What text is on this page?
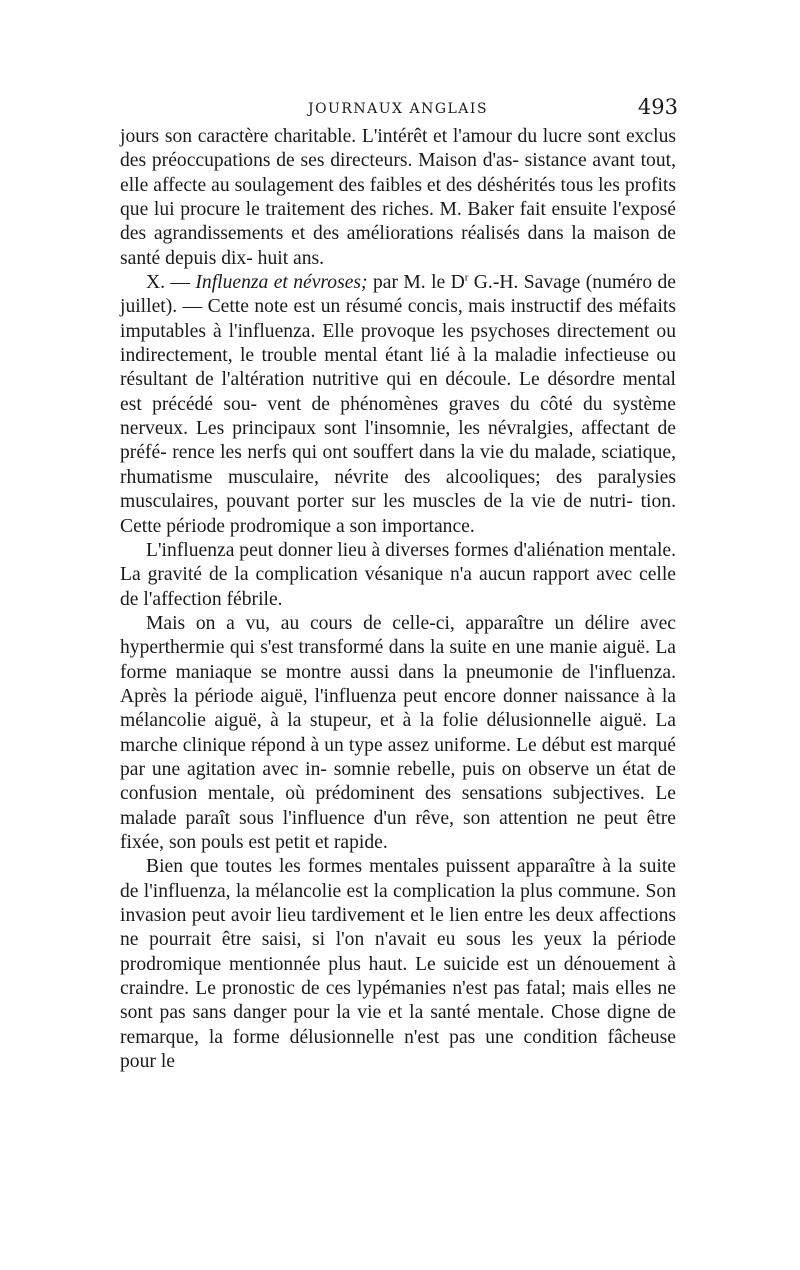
JOURNAUX ANGLAIS	493

jours son caractère charitable. L'intérêt et l'amour du lucre sont exclus des préoccupations de ses directeurs. Maison d'as- sistance avant tout, elle affecte au soulagement des faibles et des déshérités tous les profits que lui procure le traitement des riches. M. Baker fait ensuite l'exposé des agrandissements et des améliorations réalisés dans la maison de santé depuis dix- huit ans.

X. — Influenza et névroses; par M. le $D^r$ G.-H. Savage (numéro de juillet). — Cette note est un résumé concis, mais instructif des méfaits imputables à l'influenza. Elle provoque les psychoses directement ou indirectement, le trouble mental étant lié à la maladie infectieuse ou résultant de l'altération nutritive qui en découle. Le désordre mental est précédé sou- vent de phénomènes graves du côté du système nerveux. Les principaux sont l'insomnie, les névralgies, affectant de préfé- rence les nerfs qui ont souffert dans la vie du malade, sciatique, rhumatisme musculaire, névrite des alcooliques; des paralysies musculaires, pouvant porter sur les muscles de la vie de nutri- tion. Cette période prodromique a son importance.

L'influenza peut donner lieu à diverses formes d'aliénation mentale. La gravité de la complication vésanique n'a aucun rapport avec celle de l'affection fébrile.

Mais on a vu, au cours de celle-ci, apparaître un délire avec hyperthermie qui s'est transformé dans la suite en une manie aiguë. La forme maniaque se montre aussi dans la pneumonie de l'influenza. Après la période aiguë, l'influenza peut encore donner naissance à la mélancolie aiguë, à la stupeur, et à la folie délusionnelle aiguë. La marche clinique répond à un type assez uniforme. Le début est marqué par une agitation avec in- somnie rebelle, puis on observe un état de confusion mentale, où prédominent des sensations subjectives. Le malade paraît sous l'influence d'un rêve, son attention ne peut être fixée, son pouls est petit et rapide.

Bien que toutes les formes mentales puissent apparaître à la suite de l'influenza, la mélancolie est la complication la plus commune. Son invasion peut avoir lieu tardivement et le lien entre les deux affections ne pourrait être saisi, si l'on n'avait eu sous les yeux la période prodromique mentionnée plus haut. Le suicide est un dénouement à craindre. Le pronostic de ces lypémanies n'est pas fatal; mais elles ne sont pas sans danger pour la vie et la santé mentale. Chose digne de remarque, la forme délusionnelle n'est pas une condition fâcheuse pour le
